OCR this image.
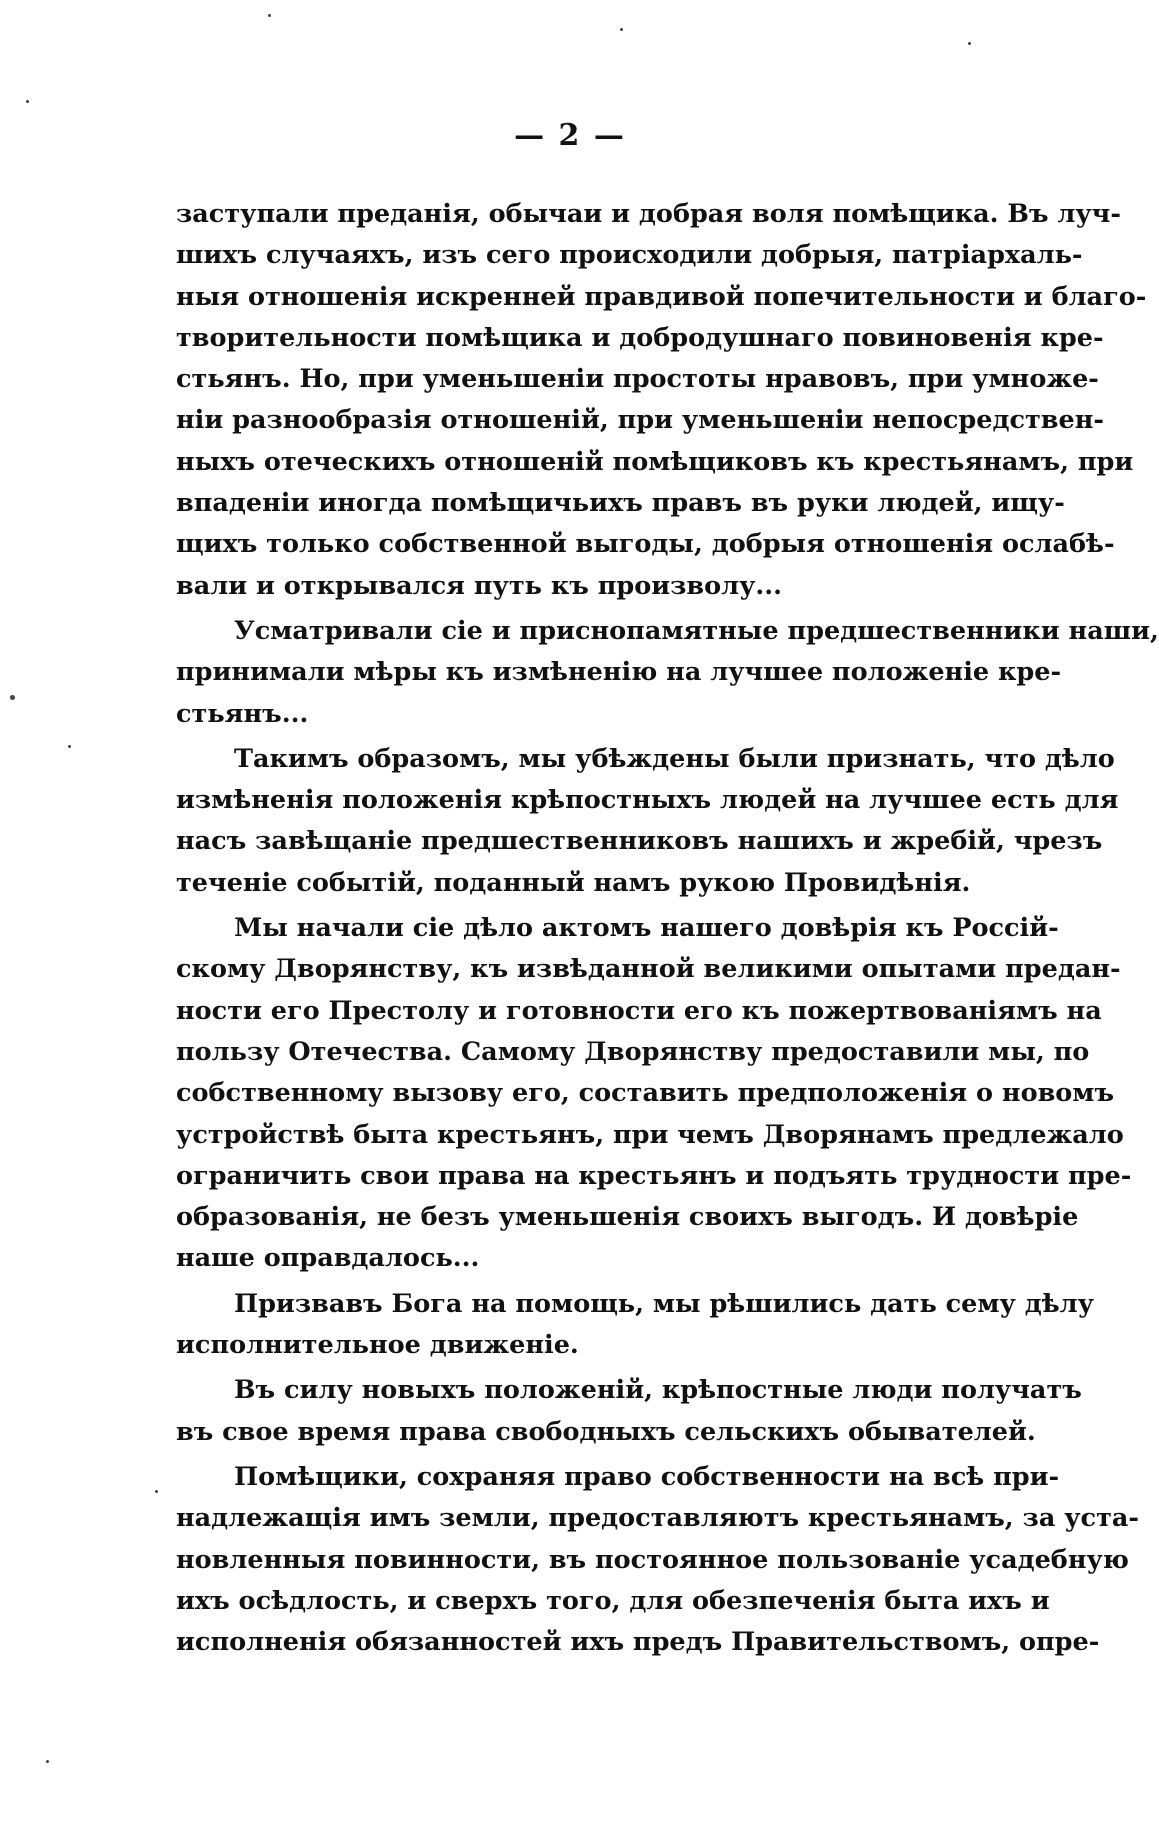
— 2 —
заступали преданія, обычаи и добрая воля помѣщика. Въ луч-
шихъ случаяхъ, изъ сего происходили добрыя, патріархаль-
ныя отношенія искренней правдивой попечительности и благо-
творительности помѣщика и добродушнаго повиновенія кре-
стьянъ. Но, при уменьшеніи простоты нравовъ, при умноже-
ніи разнообразія отношеній, при уменьшеніи непосредствен-
ныхъ отеческихъ отношеній помѣщиковъ къ крестьянамъ, при
впаденіи иногда помѣщичьихъ правъ въ руки людей, ищу-
щихъ только собственной выгоды, добрыя отношенія ослабѣ-
вали и открывался путь къ произволу...
Усматривали сіе и приснопамятные предшественники наши,
принимали мѣры къ измѣненію на лучшее положеніе кре-
стьянъ...
Такимъ образомъ, мы убѣждены были признать, что дѣло
измѣненія положенія крѣпостныхъ людей на лучшее есть для
насъ завѣщаніе предшественниковъ нашихъ и жребій, чрезъ
теченіе событій, поданный намъ рукою Провидѣнія.
Мы начали сіе дѣло актомъ нашего довѣрія къ Россій-
скому Дворянству, къ извѣданной великими опытами предан-
ности его Престолу и готовности его къ пожертвованіямъ на
пользу Отечества. Самому Дворянству предоставили мы, по
собственному вызову его, составить предположенія о новомъ
устройствѣ быта крестьянъ, при чемъ Дворянамъ предлежало
ограничить свои права на крестьянъ и подъять трудности пре-
образованія, не безъ уменьшенія своихъ выгодъ. И довѣріе
наше оправдалось...
Призвавъ Бога на помощь, мы рѣшились дать сему дѣлу
исполнительное движеніе.
Въ силу новыхъ положеній, крѣпостные люди получатъ
въ свое время права свободныхъ сельскихъ обывателей.
Помѣщики, сохраняя право собственности на всѣ при-
надлежащія имъ земли, предоставляютъ крестьянамъ, за уста-
новленныя повинности, въ постоянное пользованіе усадебную
ихъ осѣдлость, и сверхъ того, для обезпеченія быта ихъ и
исполненія обязанностей ихъ предъ Правительствомъ, опре-
